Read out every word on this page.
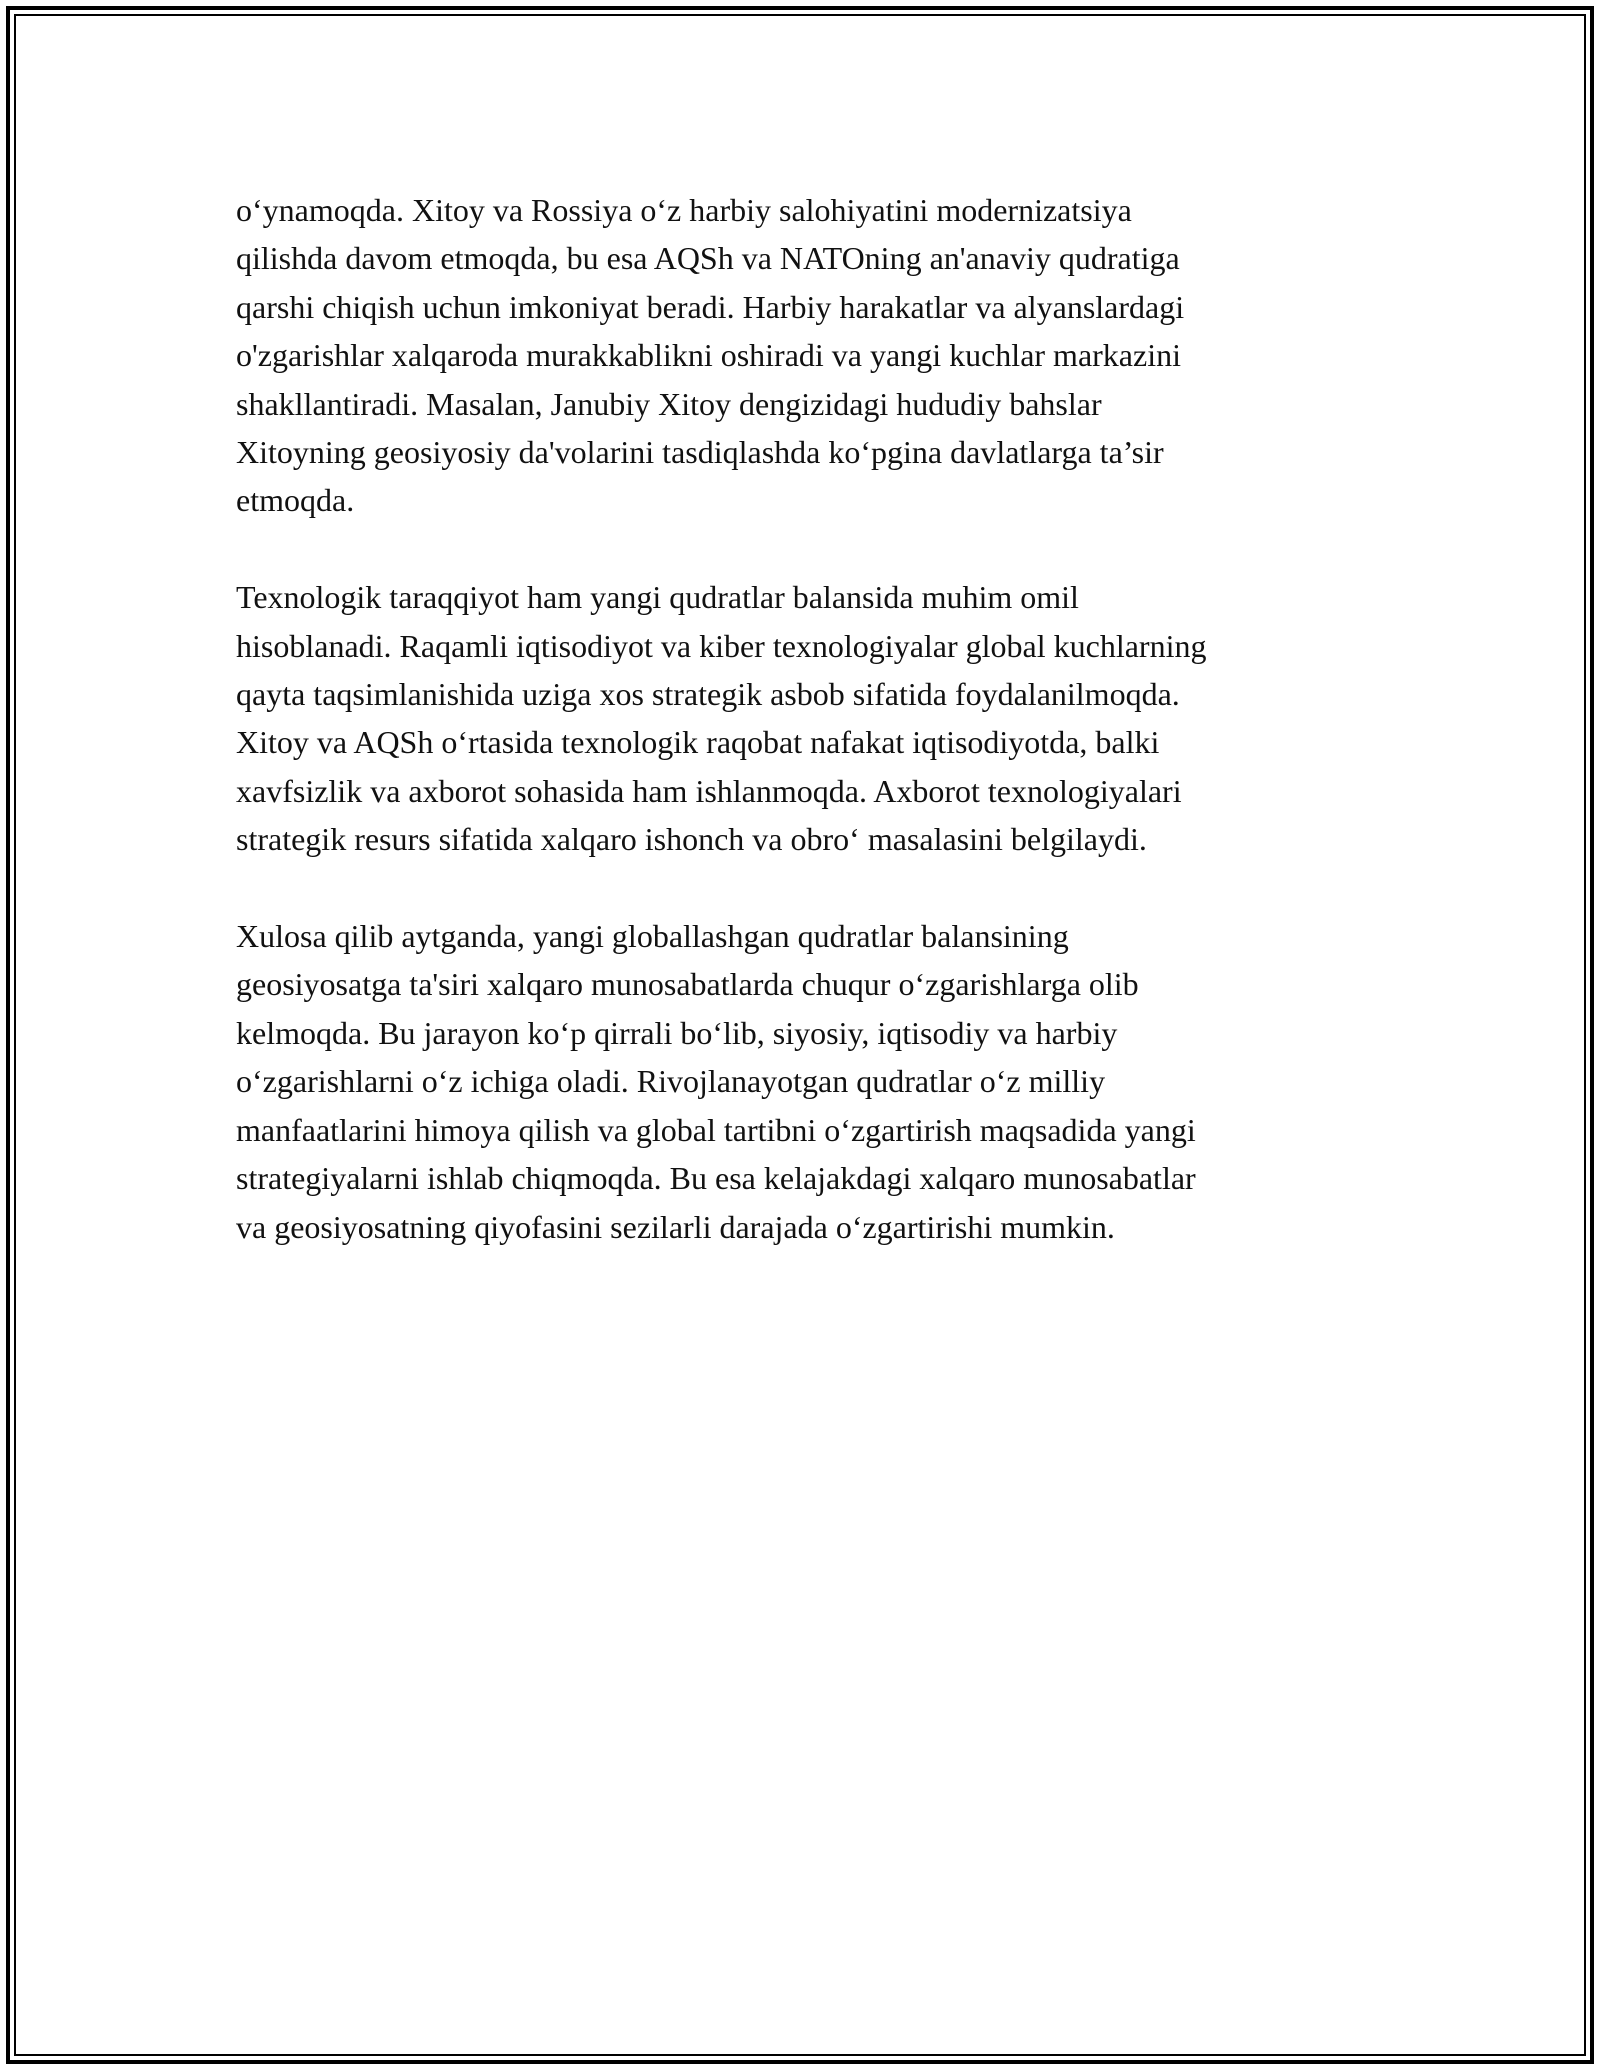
o‘ynamoqda. Xitoy va Rossiya o‘z harbiy salohiyatini modernizatsiya
qilishda davom etmoqda, bu esa AQSh va NATOning an'anaviy qudratiga
qarshi chiqish uchun imkoniyat beradi. Harbiy harakatlar va alyanslardagi
o'zgarishlar xalqaroda murakkablikni oshiradi va yangi kuchlar markazini
shakllantiradi. Masalan, Janubiy Xitoy dengizidagi hududiy bahslar
Xitoyning geosiyosiy da'volarini tasdiqlashda ko‘pgina davlatlarga ta’sir
etmoqda.

Texnologik taraqqiyot ham yangi qudratlar balansida muhim omil
hisoblanadi. Raqamli iqtisodiyot va kiber texnologiyalar global kuchlarning
qayta taqsimlanishida uziga xos strategik asbob sifatida foydalanilmoqda.
Xitoy va AQSh o‘rtasida texnologik raqobat nafakat iqtisodiyotda, balki
xavfsizlik va axborot sohasida ham ishlanmoqda. Axborot texnologiyalari
strategik resurs sifatida xalqaro ishonch va obro‘ masalasini belgilaydi.

Xulosa qilib aytganda, yangi globallashgan qudratlar balansining
geosiyosatga ta'siri xalqaro munosabatlarda chuqur o‘zgarishlarga olib
kelmoqda. Bu jarayon ko‘p qirrali bo‘lib, siyosiy, iqtisodiy va harbiy
o‘zgarishlarni o‘z ichiga oladi. Rivojlanayotgan qudratlar o‘z milliy
manfaatlarini himoya qilish va global tartibni o‘zgartirish maqsadida yangi
strategiyalarni ishlab chiqmoqda. Bu esa kelajakdagi xalqaro munosabatlar
va geosiyosatning qiyofasini sezilarli darajada o‘zgartirishi mumkin.
